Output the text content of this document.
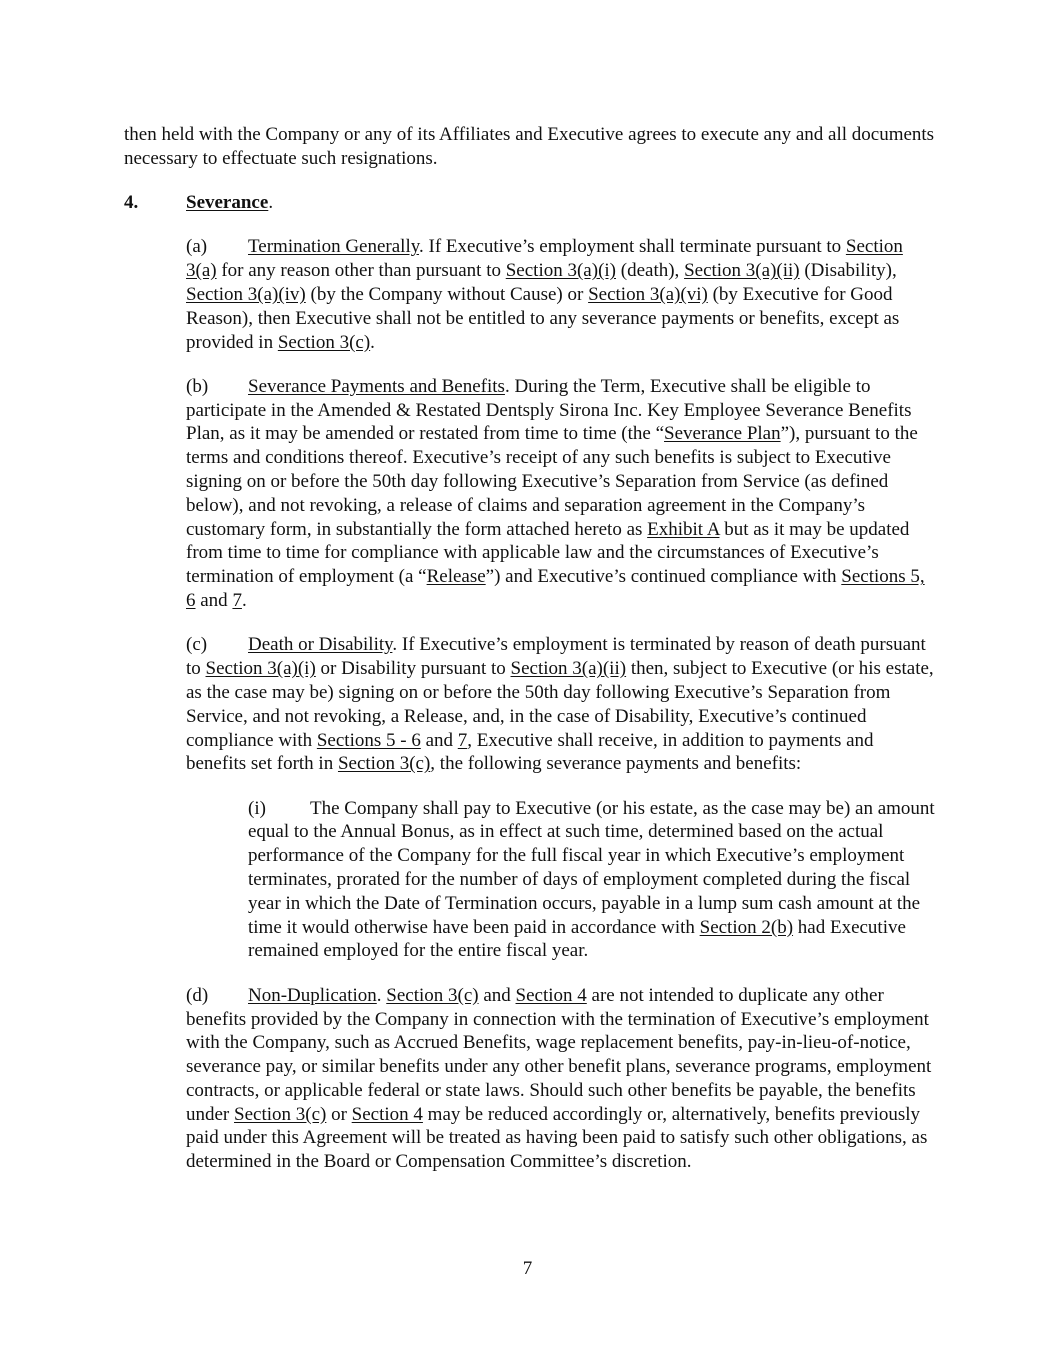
then held with the Company or any of its Affiliates and Executive agrees to execute any and all documents necessary to effectuate such resignations.

4.	Severance.

(a) Termination Generally. If Executive’s employment shall terminate pursuant to Section 3(a) for any reason other than pursuant to Section 3(a)(i) (death), Section 3(a)(ii) (Disability), Section 3(a)(iv) (by the Company without Cause) or Section 3(a)(vi) (by Executive for Good Reason), then Executive shall not be entitled to any severance payments or benefits, except as provided in Section 3(c).

(b) Severance Payments and Benefits. During the Term, Executive shall be eligible to participate in the Amended & Restated Dentsply Sirona Inc. Key Employee Severance Benefits Plan, as it may be amended or restated from time to time (the “Severance Plan”), pursuant to the terms and conditions thereof. Executive’s receipt of any such benefits is subject to Executive signing on or before the 50th day following Executive’s Separation from Service (as defined below), and not revoking, a release of claims and separation agreement in the Company’s customary form, in substantially the form attached hereto as Exhibit A but as it may be updated from time to time for compliance with applicable law and the circumstances of Executive’s termination of employment (a “Release”) and Executive’s continued compliance with Sections 5, 6 and 7.

(c) Death or Disability. If Executive’s employment is terminated by reason of death pursuant to Section 3(a)(i) or Disability pursuant to Section 3(a)(ii) then, subject to Executive (or his estate, as the case may be) signing on or before the 50th day following Executive’s Separation from Service, and not revoking, a Release, and, in the case of Disability, Executive’s continued compliance with Sections 5 - 6 and 7, Executive shall receive, in addition to payments and benefits set forth in Section 3(c), the following severance payments and benefits:

(i) The Company shall pay to Executive (or his estate, as the case may be) an amount equal to the Annual Bonus, as in effect at such time, determined based on the actual performance of the Company for the full fiscal year in which Executive’s employment terminates, prorated for the number of days of employment completed during the fiscal year in which the Date of Termination occurs, payable in a lump sum cash amount at the time it would otherwise have been paid in accordance with Section 2(b) had Executive remained employed for the entire fiscal year.

(d) Non-Duplication. Section 3(c) and Section 4 are not intended to duplicate any other benefits provided by the Company in connection with the termination of Executive’s employment with the Company, such as Accrued Benefits, wage replacement benefits, pay-in-lieu-of-notice, severance pay, or similar benefits under any other benefit plans, severance programs, employment contracts, or applicable federal or state laws. Should such other benefits be payable, the benefits under Section 3(c) or Section 4 may be reduced accordingly or, alternatively, benefits previously paid under this Agreement will be treated as having been paid to satisfy such other obligations, as determined in the Board or Compensation Committee’s discretion.

7
